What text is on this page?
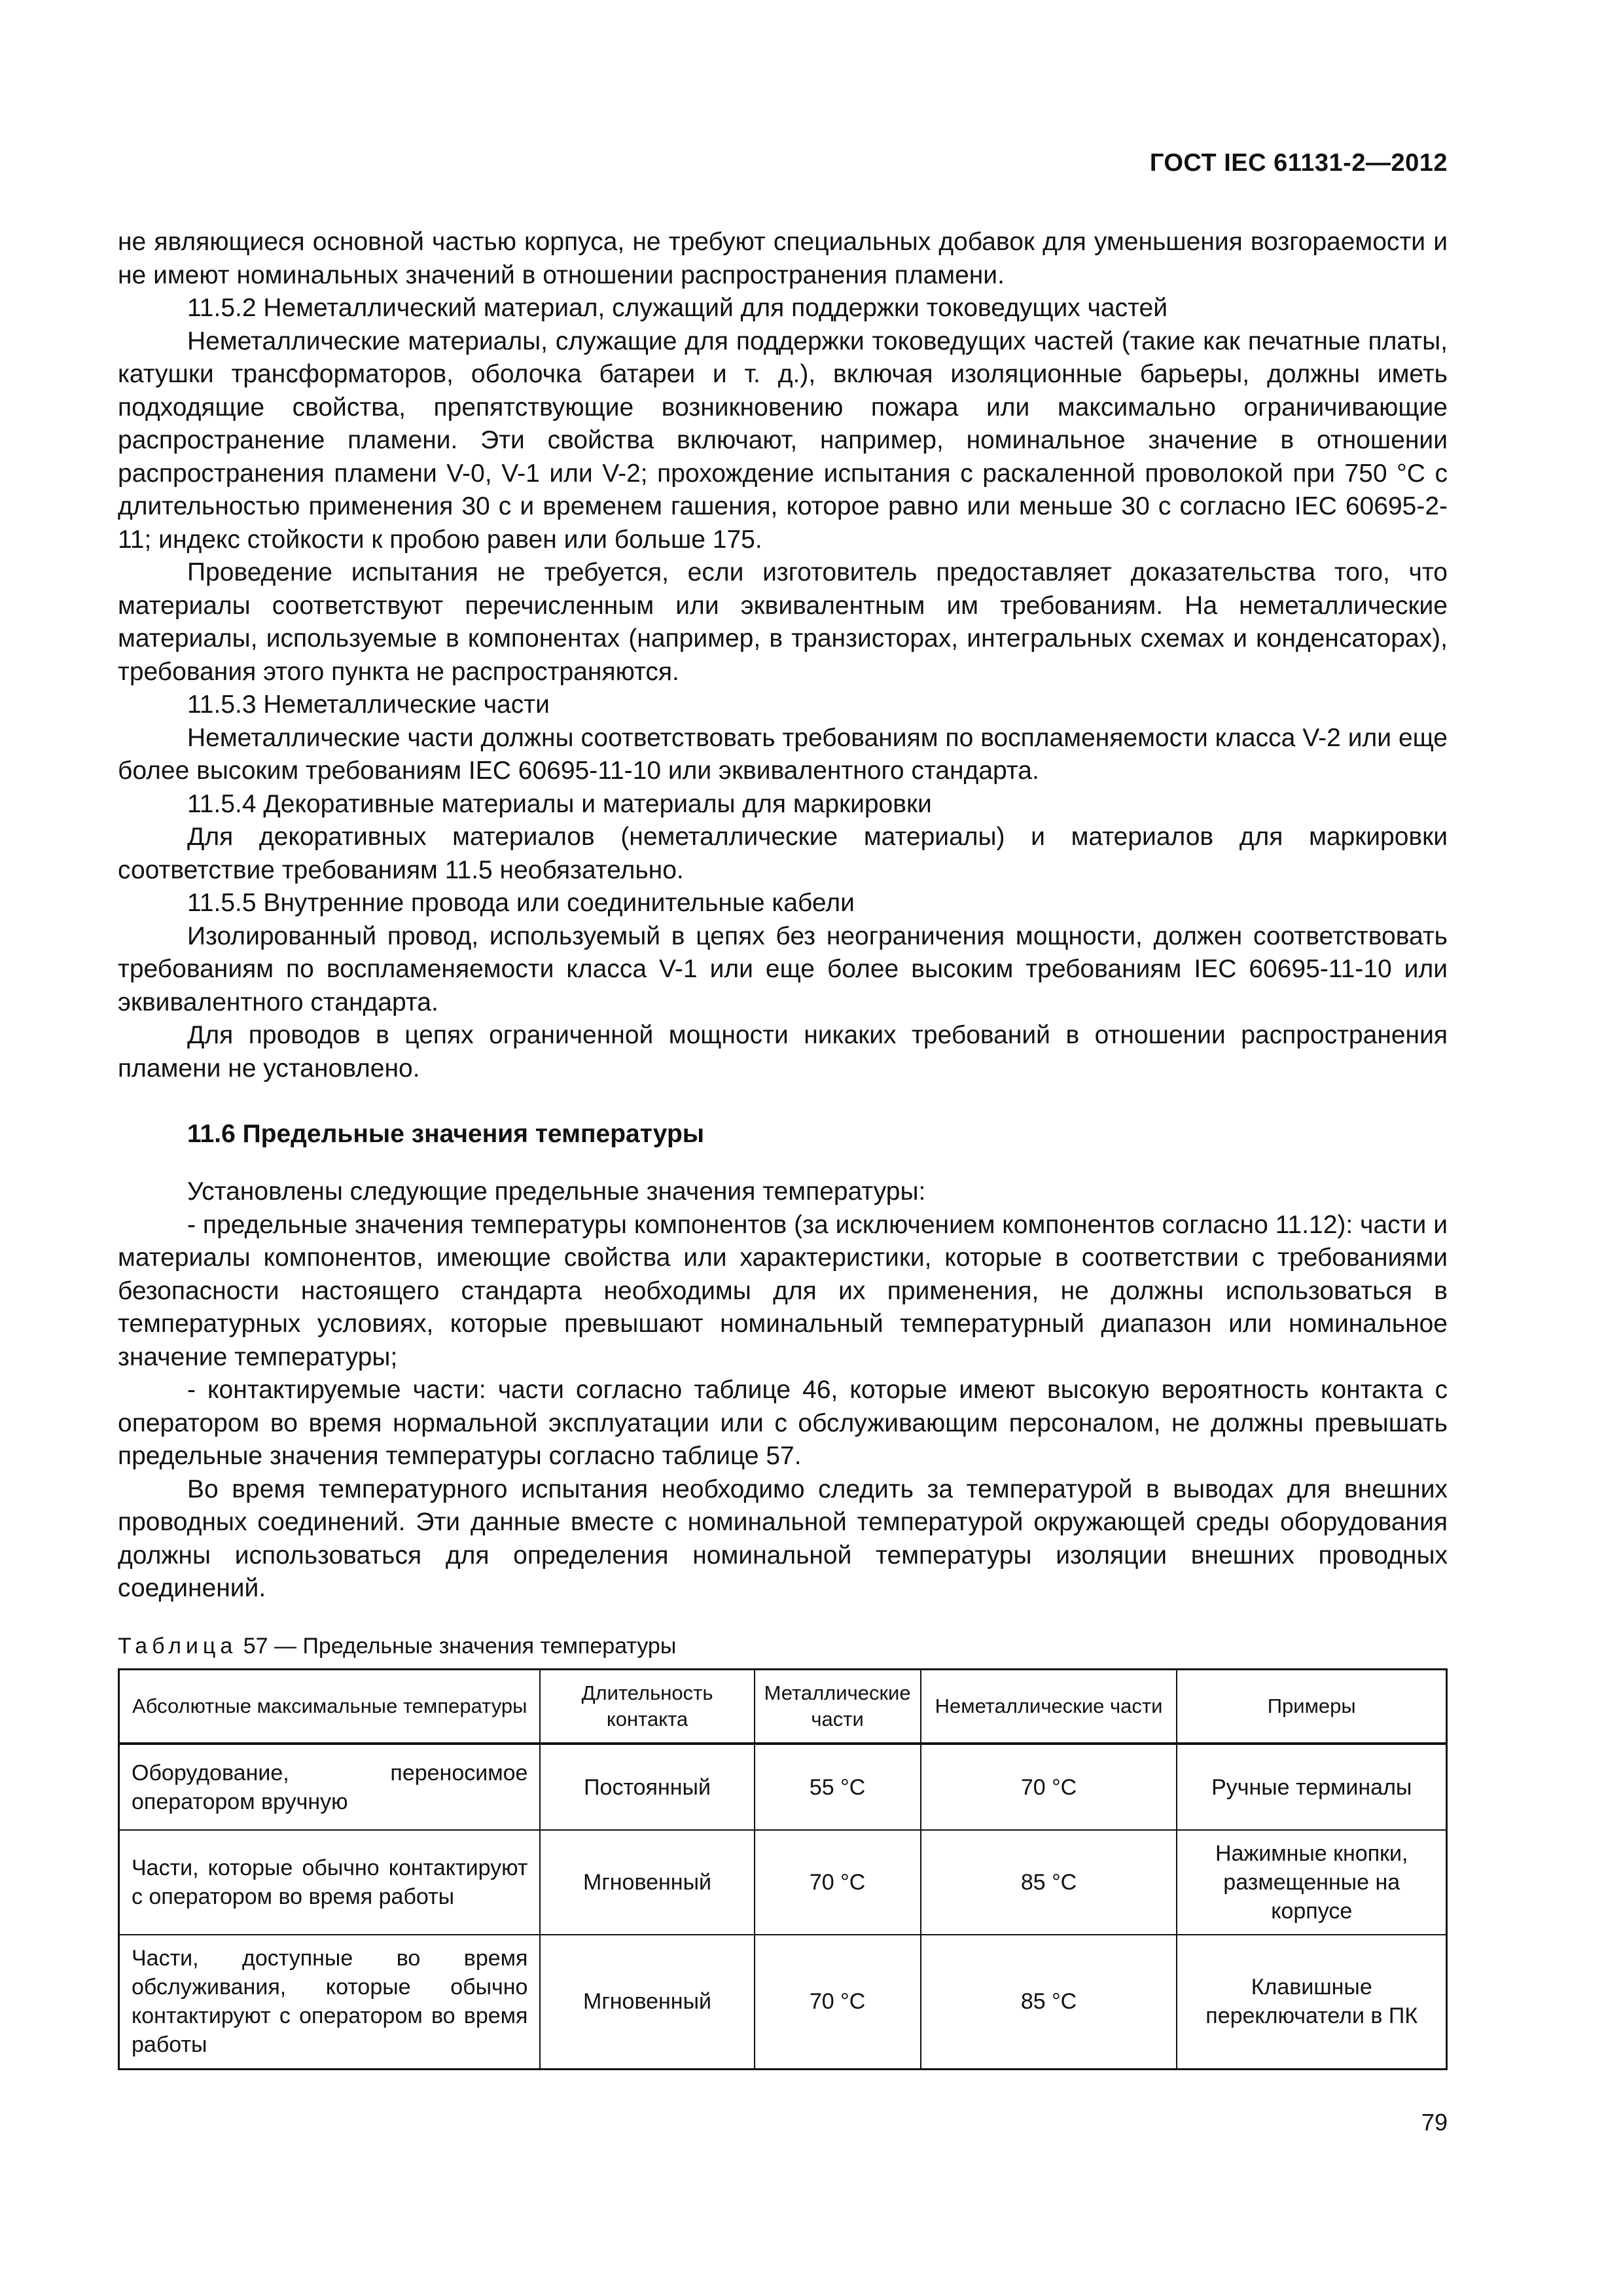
ГОСТ IEC 61131-2—2012

не являющиеся основной частью корпуса, не требуют специальных добавок для уменьшения возгораемости и не имеют номинальных значений в отношении распространения пламени.

11.5.2 Неметаллический материал, служащий для поддержки токоведущих частей

Неметаллические материалы, служащие для поддержки токоведущих частей (такие как печатные платы, катушки трансформаторов, оболочка батареи и т. д.), включая изоляционные барьеры, должны иметь подходящие свойства, препятствующие возникновению пожара или максимально ограничивающие распространение пламени. Эти свойства включают, например, номинальное значение в отношении распространения пламени V-0, V-1 или V-2; прохождение испытания с раскаленной проволокой при 750 °С с длительностью применения 30 с и временем гашения, которое равно или меньше 30 с согласно IEC 60695-2-11; индекс стойкости к пробою равен или больше 175.

Проведение испытания не требуется, если изготовитель предоставляет доказательства того, что материалы соответствуют перечисленным или эквивалентным им требованиям. На неметаллические материалы, используемые в компонентах (например, в транзисторах, интегральных схемах и конденсаторах), требования этого пункта не распространяются.

11.5.3 Неметаллические части

Неметаллические части должны соответствовать требованиям по воспламеняемости класса V-2 или еще более высоким требованиям IEC 60695-11-10 или эквивалентного стандарта.

11.5.4 Декоративные материалы и материалы для маркировки

Для декоративных материалов (неметаллические материалы) и материалов для маркировки соответствие требованиям 11.5 необязательно.

11.5.5 Внутренние провода или соединительные кабели

Изолированный провод, используемый в цепях без неограничения мощности, должен соответствовать требованиям по воспламеняемости класса V-1 или еще более высоким требованиям IEC 60695-11-10 или эквивалентного стандарта.

Для проводов в цепях ограниченной мощности никаких требований в отношении распространения пламени не установлено.

11.6 Предельные значения температуры

Установлены следующие предельные значения температуры:

- предельные значения температуры компонентов (за исключением компонентов согласно 11.12): части и материалы компонентов, имеющие свойства или характеристики, которые в соответствии с требованиями безопасности настоящего стандарта необходимы для их применения, не должны использоваться в температурных условиях, которые превышают номинальный температурный диапазон или номинальное значение температуры;

- контактируемые части: части согласно таблице 46, которые имеют высокую вероятность контакта с оператором во время нормальной эксплуатации или с обслуживающим персоналом, не должны превышать предельные значения температуры согласно таблице 57.

Во время температурного испытания необходимо следить за температурой в выводах для внешних проводных соединений. Эти данные вместе с номинальной температурой окружающей среды оборудования должны использоваться для определения номинальной температуры изоляции внешних проводных соединений.

Таблица 57 — Предельные значения температуры
Абсолютные максимальные температуры	Длительность контакта	Металлические части	Неметаллические части	Примеры
Оборудование, переносимое оператором вручную	Постоянный	55 °С	70 °С	Ручные терминалы
Части, которые обычно контактируют с оператором во время работы	Мгновенный	70 °С	85 °С	Нажимные кнопки, размещенные на корпусе
Части, доступные во время обслуживания, которые обычно контактируют с оператором во время работы	Мгновенный	70 °С	85 °С	Клавишные переключатели в ПК
79
